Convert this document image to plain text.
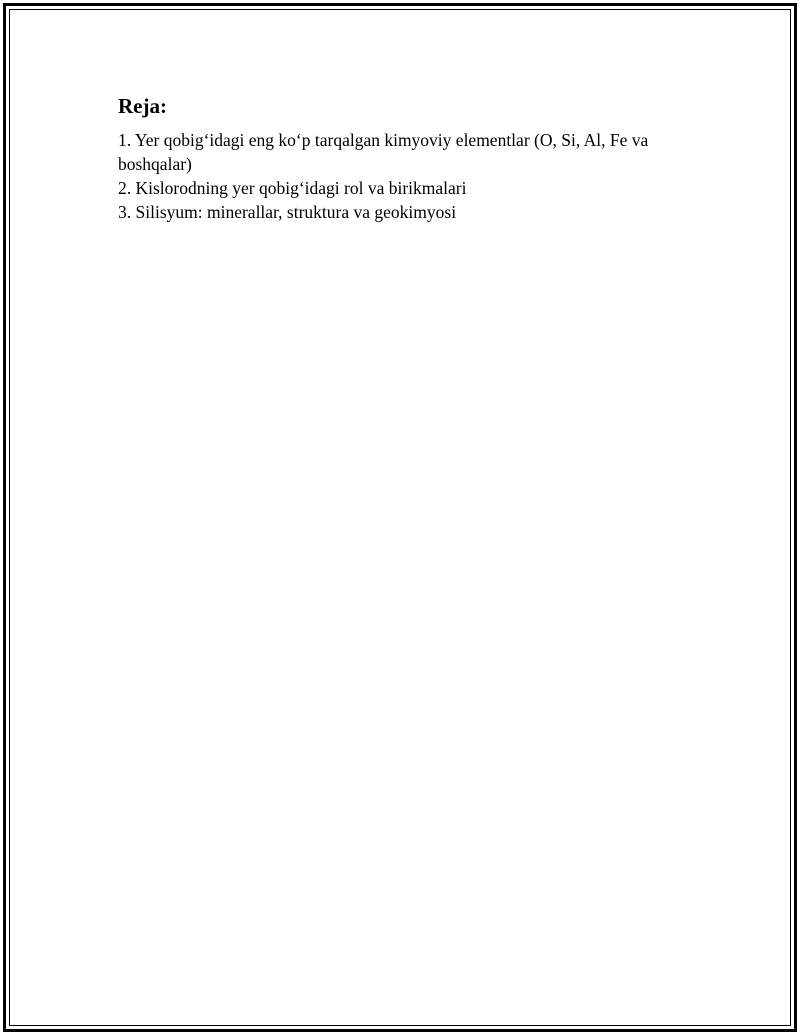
Reja:
1. Yer qobig‘idagi eng ko‘p tarqalgan kimyoviy elementlar (O, Si, Al, Fe va boshqalar)
2. Kislorodning yer qobig‘idagi rol va birikmalari
3. Silisyum: minerallar, struktura va geokimyosi
